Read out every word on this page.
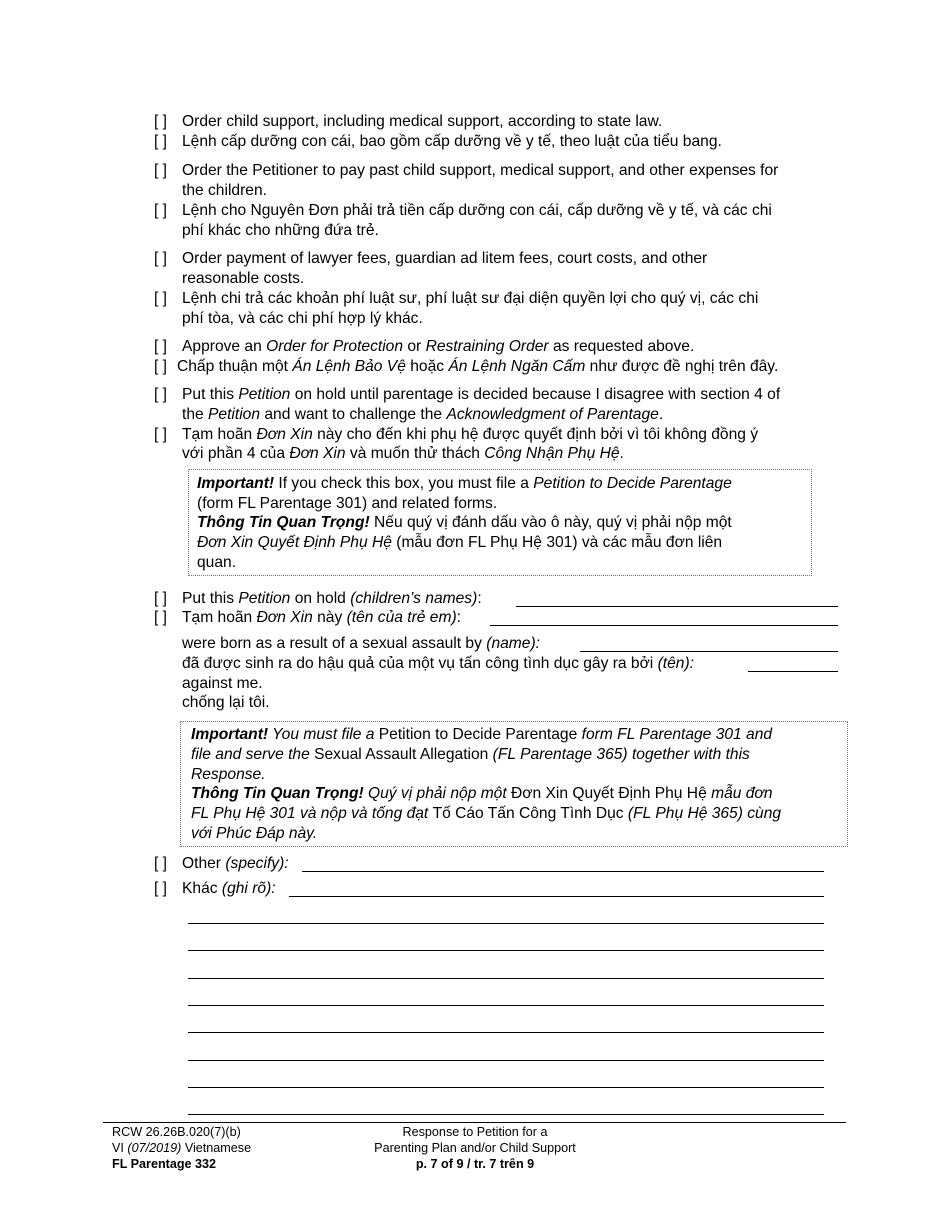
[ ] Order child support, including medical support, according to state law.
[ ] Lệnh cấp dưỡng con cái, bao gồm cấp dưỡng về y tế, theo luật của tiểu bang.
[ ] Order the Petitioner to pay past child support, medical support, and other expenses for
the children.
[ ] Lệnh cho Nguyên Đơn phải trả tiền cấp dưỡng con cái, cấp dưỡng về y tế, và các chi
phí khác cho những đứa trẻ.
[ ] Order payment of lawyer fees, guardian ad litem fees, court costs, and other
reasonable costs.
[ ] Lệnh chi trả các khoản phí luật sư, phí luật sư đại diện quyền lợi cho quý vị, các chi
phí tòa, và các chi phí hợp lý khác.
[ ] Approve an Order for Protection or Restraining Order as requested above.
[ ] Chấp thuận một Án Lệnh Bảo Vệ hoặc Án Lệnh Ngăn Cấm như được đề nghị trên đây.
[ ] Put this Petition on hold until parentage is decided because I disagree with section 4 of
the Petition and want to challenge the Acknowledgment of Parentage.
[ ] Tạm hoãn Đơn Xin này cho đến khi phụ hệ được quyết định bởi vì tôi không đồng ý
với phần 4 của Đơn Xin và muốn thử thách Công Nhận Phụ Hệ.
Important! If you check this box, you must file a Petition to Decide Parentage
(form FL Parentage 301) and related forms.
Thông Tin Quan Trọng! Nếu quý vị đánh dấu vào ô này, quý vị phải nộp một
Đơn Xin Quyết Định Phụ Hệ (mẫu đơn FL Phụ Hệ 301) và các mẫu đơn liên
quan.
[ ] Put this Petition on hold (children’s names):
[ ] Tạm hoãn Đơn Xin này (tên của trẻ em):
were born as a result of a sexual assault by (name):
đã được sinh ra do hậu quả của một vụ tấn công tình dục gây ra bởi (tên):
against me.
chống lại tôi.
Important! You must file a Petition to Decide Parentage form FL Parentage 301 and
file and serve the Sexual Assault Allegation (FL Parentage 365) together with this
Response.
Thông Tin Quan Trọng! Quý vị phải nộp một Đơn Xin Quyết Định Phụ Hệ mẫu đơn
FL Phụ Hệ 301 và nộp và tống đạt Tố Cáo Tấn Công Tình Dục (FL Phụ Hệ 365) cùng
với Phúc Đáp này.
[ ] Other (specify):
[ ] Khác (ghi rõ):
RCW 26.26B.020(7)(b)
VI (07/2019) Vietnamese
FL Parentage 332
Response to Petition for a
Parenting Plan and/or Child Support
p. 7 of 9 / tr. 7 trên 9
